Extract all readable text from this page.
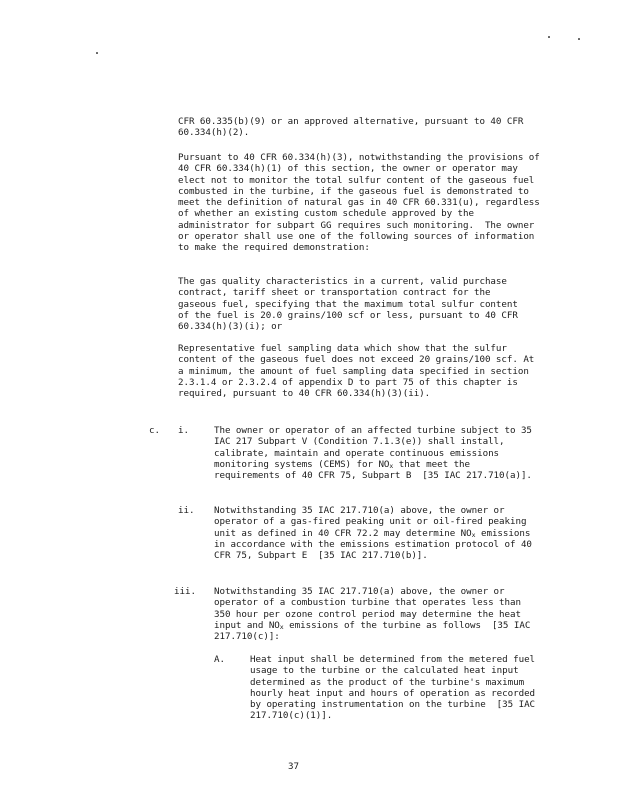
CFR 60.335(b)(9) or an approved alternative, pursuant to 40 CFR 60.334(h)(2).
Pursuant to 40 CFR 60.334(h)(3), notwithstanding the provisions of 40 CFR 60.334(h)(1) of this section, the owner or operator may elect not to monitor the total sulfur content of the gaseous fuel combusted in the turbine, if the gaseous fuel is demonstrated to meet the definition of natural gas in 40 CFR 60.331(u), regardless of whether an existing custom schedule approved by the administrator for subpart GG requires such monitoring.  The owner or operator shall use one of the following sources of information to make the required demonstration:
The gas quality characteristics in a current, valid purchase contract, tariff sheet or transportation contract for the gaseous fuel, specifying that the maximum total sulfur content of the fuel is 20.0 grains/100 scf or less, pursuant to 40 CFR 60.334(h)(3)(i); or
Representative fuel sampling data which show that the sulfur content of the gaseous fuel does not exceed 20 grains/100 scf. At a minimum, the amount of fuel sampling data specified in section 2.3.1.4 or 2.3.2.4 of appendix D to part 75 of this chapter is required, pursuant to 40 CFR 60.334(h)(3)(ii).
c. i.	The owner or operator of an affected turbine subject to 35 IAC 217 Subpart V (Condition 7.1.3(e)) shall install, calibrate, maintain and operate continuous emissions monitoring systems (CEMS) for $NO_x$ that meet the requirements of 40 CFR 75, Subpart B  [35 IAC 217.710(a)].
ii. Notwithstanding 35 IAC 217.710(a) above, the owner or operator of a gas-fired peaking unit or oil-fired peaking unit as defined in 40 CFR 72.2 may determine $NO_x$ emissions in accordance with the emissions estimation protocol of 40 CFR 75, Subpart E  [35 IAC 217.710(b)].
iii. Notwithstanding 35 IAC 217.710(a) above, the owner or operator of a combustion turbine that operates less than 350 hour per ozone control period may determine the heat input and $NO_x$ emissions of the turbine as follows  [35 IAC 217.710(c)]:
A.	Heat input shall be determined from the metered fuel usage to the turbine or the calculated heat input determined as the product of the turbine's maximum hourly heat input and hours of operation as recorded by operating instrumentation on the turbine  [35 IAC 217.710(c)(1)].
37
